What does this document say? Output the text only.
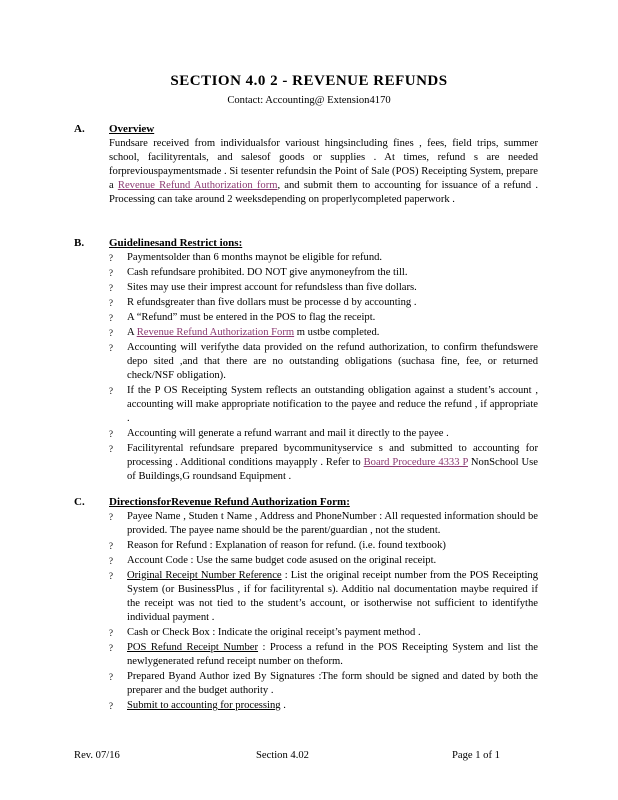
SECTION 4.0 2 - REVENUE REFUNDS
Contact: Accounting@ Extension4170
A. Overview
Fundsare received from individualsfor varioust hingsincluding fines , fees, field trips, summer school, facilityrentals, and salesof goods or supplies . At times, refund s are needed forpreviouspaymentsmade . Si tesenter refundsin the Point of Sale (POS) Receipting System, prepare a Revenue Refund Authorization form, and submit them to accounting for issuance of a refund . Processing can take around 2 weeksdepending on properlycompleted paperwork .
B. Guidelinesand Restrict ions:
? Paymentsolder than 6 months maynot be eligible for refund.
? Cash refundsare prohibited. DO NOT give anymoneyfrom the till.
? Sites may use their imprest account for refundsless than five dollars.
? R efundsgreater than five dollars must be processe d by accounting .
? A “Refund” must be entered in the POS to flag the receipt.
? A Revenue Refund Authorization Form m ustbe completed.
? Accounting will verifythe data provided on the refund authorization, to confirm thefundswere depo sited ,and that there are no outstanding obligations (suchasa fine, fee, or returned check/NSF obligation).
? If the P OS Receipting System reflects an outstanding obligation against a student’s account , accounting will make appropriate notification to the payee and reduce the refund , if appropriate .
? Accounting will generate a refund warrant and mail it directly to the payee .
? Facilityrental refundsare prepared bycommunityservice s and submitted to accounting for processing . Additional conditions mayapply . Refer to Board Procedure 4333 P NonSchool Use of Buildings,G roundsand Equipment .
C. DirectionsforRevenue Refund Authorization Form:
? Payee Name , Studen t Name , Address and PhoneNumber : All requested information should be provided. The payee name should be the parent/guardian , not the student.
? Reason for Refund : Explanation of reason for refund. (i.e. found textbook)
? Account Code : Use the same budget code asused on the original receipt.
? Original Receipt Number Reference : List the original receipt number from the POS Receipting System (or BusinessPlus , if for facilityrental s). Additio nal documentation maybe required if the receipt was not tied to the student’s account, or isotherwise not sufficient to identifythe individual payment .
? Cash or Check Box : Indicate the original receipt’s payment method .
? POS Refund Receipt Number : Process a refund in the POS Receipting System and list the newlygenerated refund receipt number on theform.
? Prepared Byand Author ized By Signatures :The form should be signed and dated by both the preparer and the budget authority .
? Submit to accounting for processing .
Rev. 07/16	Section 4.02	Page 1 of 1
